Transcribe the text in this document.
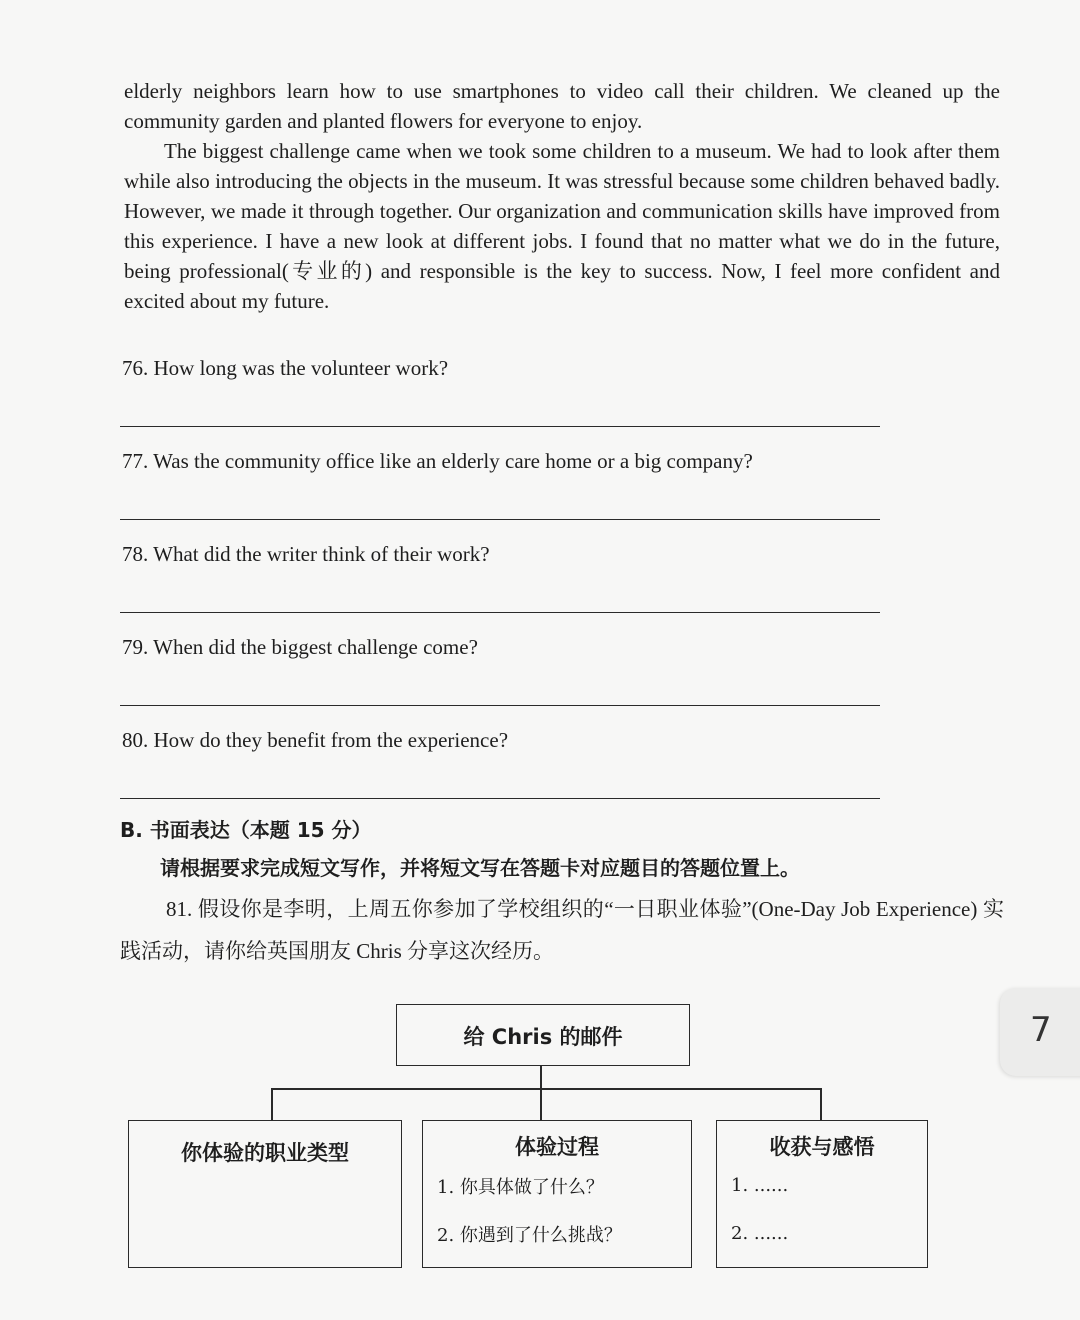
elderly neighbors learn how to use smartphones to video call their children. We cleaned up the community garden and planted flowers for everyone to enjoy.

The biggest challenge came when we took some children to a museum. We had to look after them while also introducing the objects in the museum. It was stressful because some children behaved badly. However, we made it through together. Our organization and communication skills have improved from this experience. I have a new look at different jobs. I found that no matter what we do in the future, being professional(专业的) and responsible is the key to success. Now, I feel more confident and excited about my future.

76. How long was the volunteer work?

77. Was the community office like an elderly care home or a big company?

78. What did the writer think of their work?

79. When did the biggest challenge come?

80. How do they benefit from the experience?

B. 书面表达（本题 15 分）
请根据要求完成短文写作，并将短文写在答题卡对应题目的答题位置上。

81. 假设你是李明，上周五你参加了学校组织的“一日职业体验”(One-Day Job Experience) 实践活动，请你给英国朋友 Chris 分享这次经历。

给 Chris 的邮件
你体验的职业类型	体验过程
1. 你具体做了什么？
2. 你遇到了什么挑战？
收获与感悟
1. ......
2. ......
7
